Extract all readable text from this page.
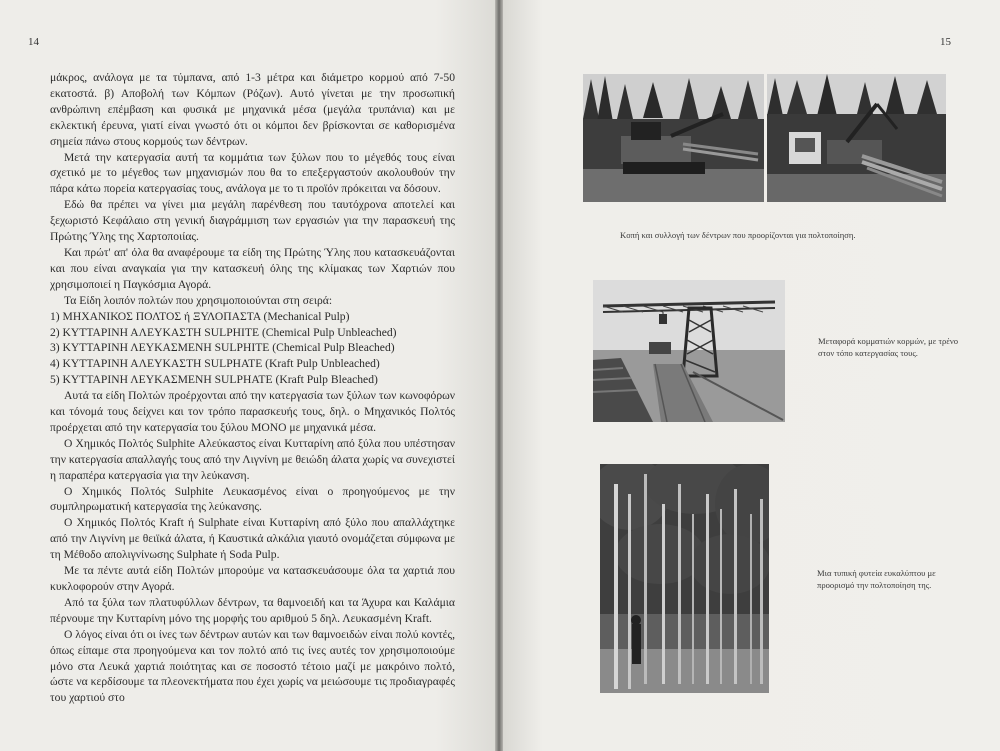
14

μάκρος, ανάλογα με τα τύμπανα, από 1-3 μέτρα και διάμετρο κορμού από 7-50 εκατοστά. β) Αποβολή των Κόμπων (Ρόζων). Αυτό γίνεται με την προσωπική ανθρώπινη επέμβαση και φυσικά με μηχανικά μέσα (μεγάλα τρυπάνια) και με εκλεκτική έρευνα, γιατί είναι γνωστό ότι οι κόμποι δεν βρίσκονται σε καθορισμένα σημεία πάνω στους κορμούς των δέντρων.

Μετά την κατεργασία αυτή τα κομμάτια των ξύλων που το μέγεθός τους είναι σχετικό με το μέγεθος των μηχανισμών που θα το επεξεργαστούν ακολουθούν την πάρα κάτω πορεία κατεργασίας τους, ανάλογα με το τι προϊόν πρόκειται να δόσουν.

Εδώ θα πρέπει να γίνει μια μεγάλη παρένθεση που ταυτόχρονα αποτελεί και ξεχωριστό Κεφάλαιο στη γενική διαγράμμιση των εργασιών για την παρασκευή της Πρώτης Ύλης της Χαρτοποιίας.

Και πρώτ' απ' όλα θα αναφέρουμε τα είδη της Πρώτης Ύλης που κατασκευάζονται και που είναι αναγκαία για την κατασκευή όλης της κλίμακας των Χαρτιών που χρησιμοποιεί η Παγκόσμια Αγορά.

Τα Είδη λοιπόν πολτών που χρησιμοποιούνται στη σειρά:

1) ΜΗΧΑΝΙΚΟΣ ΠΟΛΤΟΣ ή ΞΥΛΟΠΑΣΤΑ (Mechanical Pulp)
2) ΚΥΤΤΑΡΙΝΗ ΑΛΕΥΚΑΣΤΗ SULPHITE (Chemical Pulp Unbleached)
3) ΚΥΤΤΑΡΙΝΗ ΛΕΥΚΑΣΜΕΝΗ SULPHITE (Chemical Pulp Bleached)
4) ΚΥΤΤΑΡΙΝΗ ΑΛΕΥΚΑΣΤΗ SULPHATE (Kraft Pulp Unbleached)
5) ΚΥΤΤΑΡΙΝΗ ΛΕΥΚΑΣΜΕΝΗ SULPHATE (Kraft Pulp Bleached)

Αυτά τα είδη Πολτών προέρχονται από την κατεργασία των ξύλων των κωνοφόρων και τόνομά τους δείχνει και τον τρόπο παρασκευής τους, δηλ. ο Μηχανικός Πολτός προέρχεται από την κατεργασία του ξύλου ΜΟΝΟ με μηχανικά μέσα.

Ο Χημικός Πολτός Sulphite Αλεύκαστος είναι Κυτταρίνη από ξύλα που υπέστησαν την κατεργασία απαλλαγής τους από την Λιγνίνη με θειώδη άλατα χωρίς να συνεχιστεί η παραπέρα κατεργασία για την λεύκανση.

Ο Χημικός Πολτός Sulphite Λευκασμένος είναι ο προηγούμενος με την συμπληρωματική κατεργασία της λεύκανσης.

Ο Χημικός Πολτός Kraft ή Sulphate είναι Κυτταρίνη από ξύλο που απαλλάχτηκε από την Λιγνίνη με θειϊκά άλατα, ή Καυστικά αλκάλια γιαυτό ονομάζεται σύμφωνα με τη Μέθοδο απολιγνίνωσης Sulphate ή Soda Pulp.

Με τα πέντε αυτά είδη Πολτών μπορούμε να κατασκευάσουμε όλα τα χαρτιά που κυκλοφορούν στην Αγορά.

Από τα ξύλα των πλατυφύλλων δέντρων, τα θαμνοειδή και τα Άχυρα και Καλάμια πέρνουμε την Κυτταρίνη μόνο της μορφής του αριθμού 5 δηλ. Λευκασμένη Kraft.

Ο λόγος είναι ότι οι ίνες των δέντρων αυτών και των θαμνοειδών είναι πολύ κοντές, όπως είπαμε στα προηγούμενα και τον πολτό από τις ίνες αυτές τον χρησιμοποιούμε μόνο στα Λευκά χαρτιά ποιότητας και σε ποσοστό τέτοιο μαζί με μακρόινο πολτό, ώστε να κερδίσουμε τα πλεονεκτήματα που έχει χωρίς να μειώσουμε τις προδιαγραφές του χαρτιού στο

15
Κοπή και συλλογή των δέντρων που προορίζονται για πολτοποίηση.
Μεταφορά κομματιών κορμών, με τρένο στον τόπο κατεργασίας τους.
Μια τυπική φυτεία ευκαλύπτου με προορισμό την πολτοποίηση της.
